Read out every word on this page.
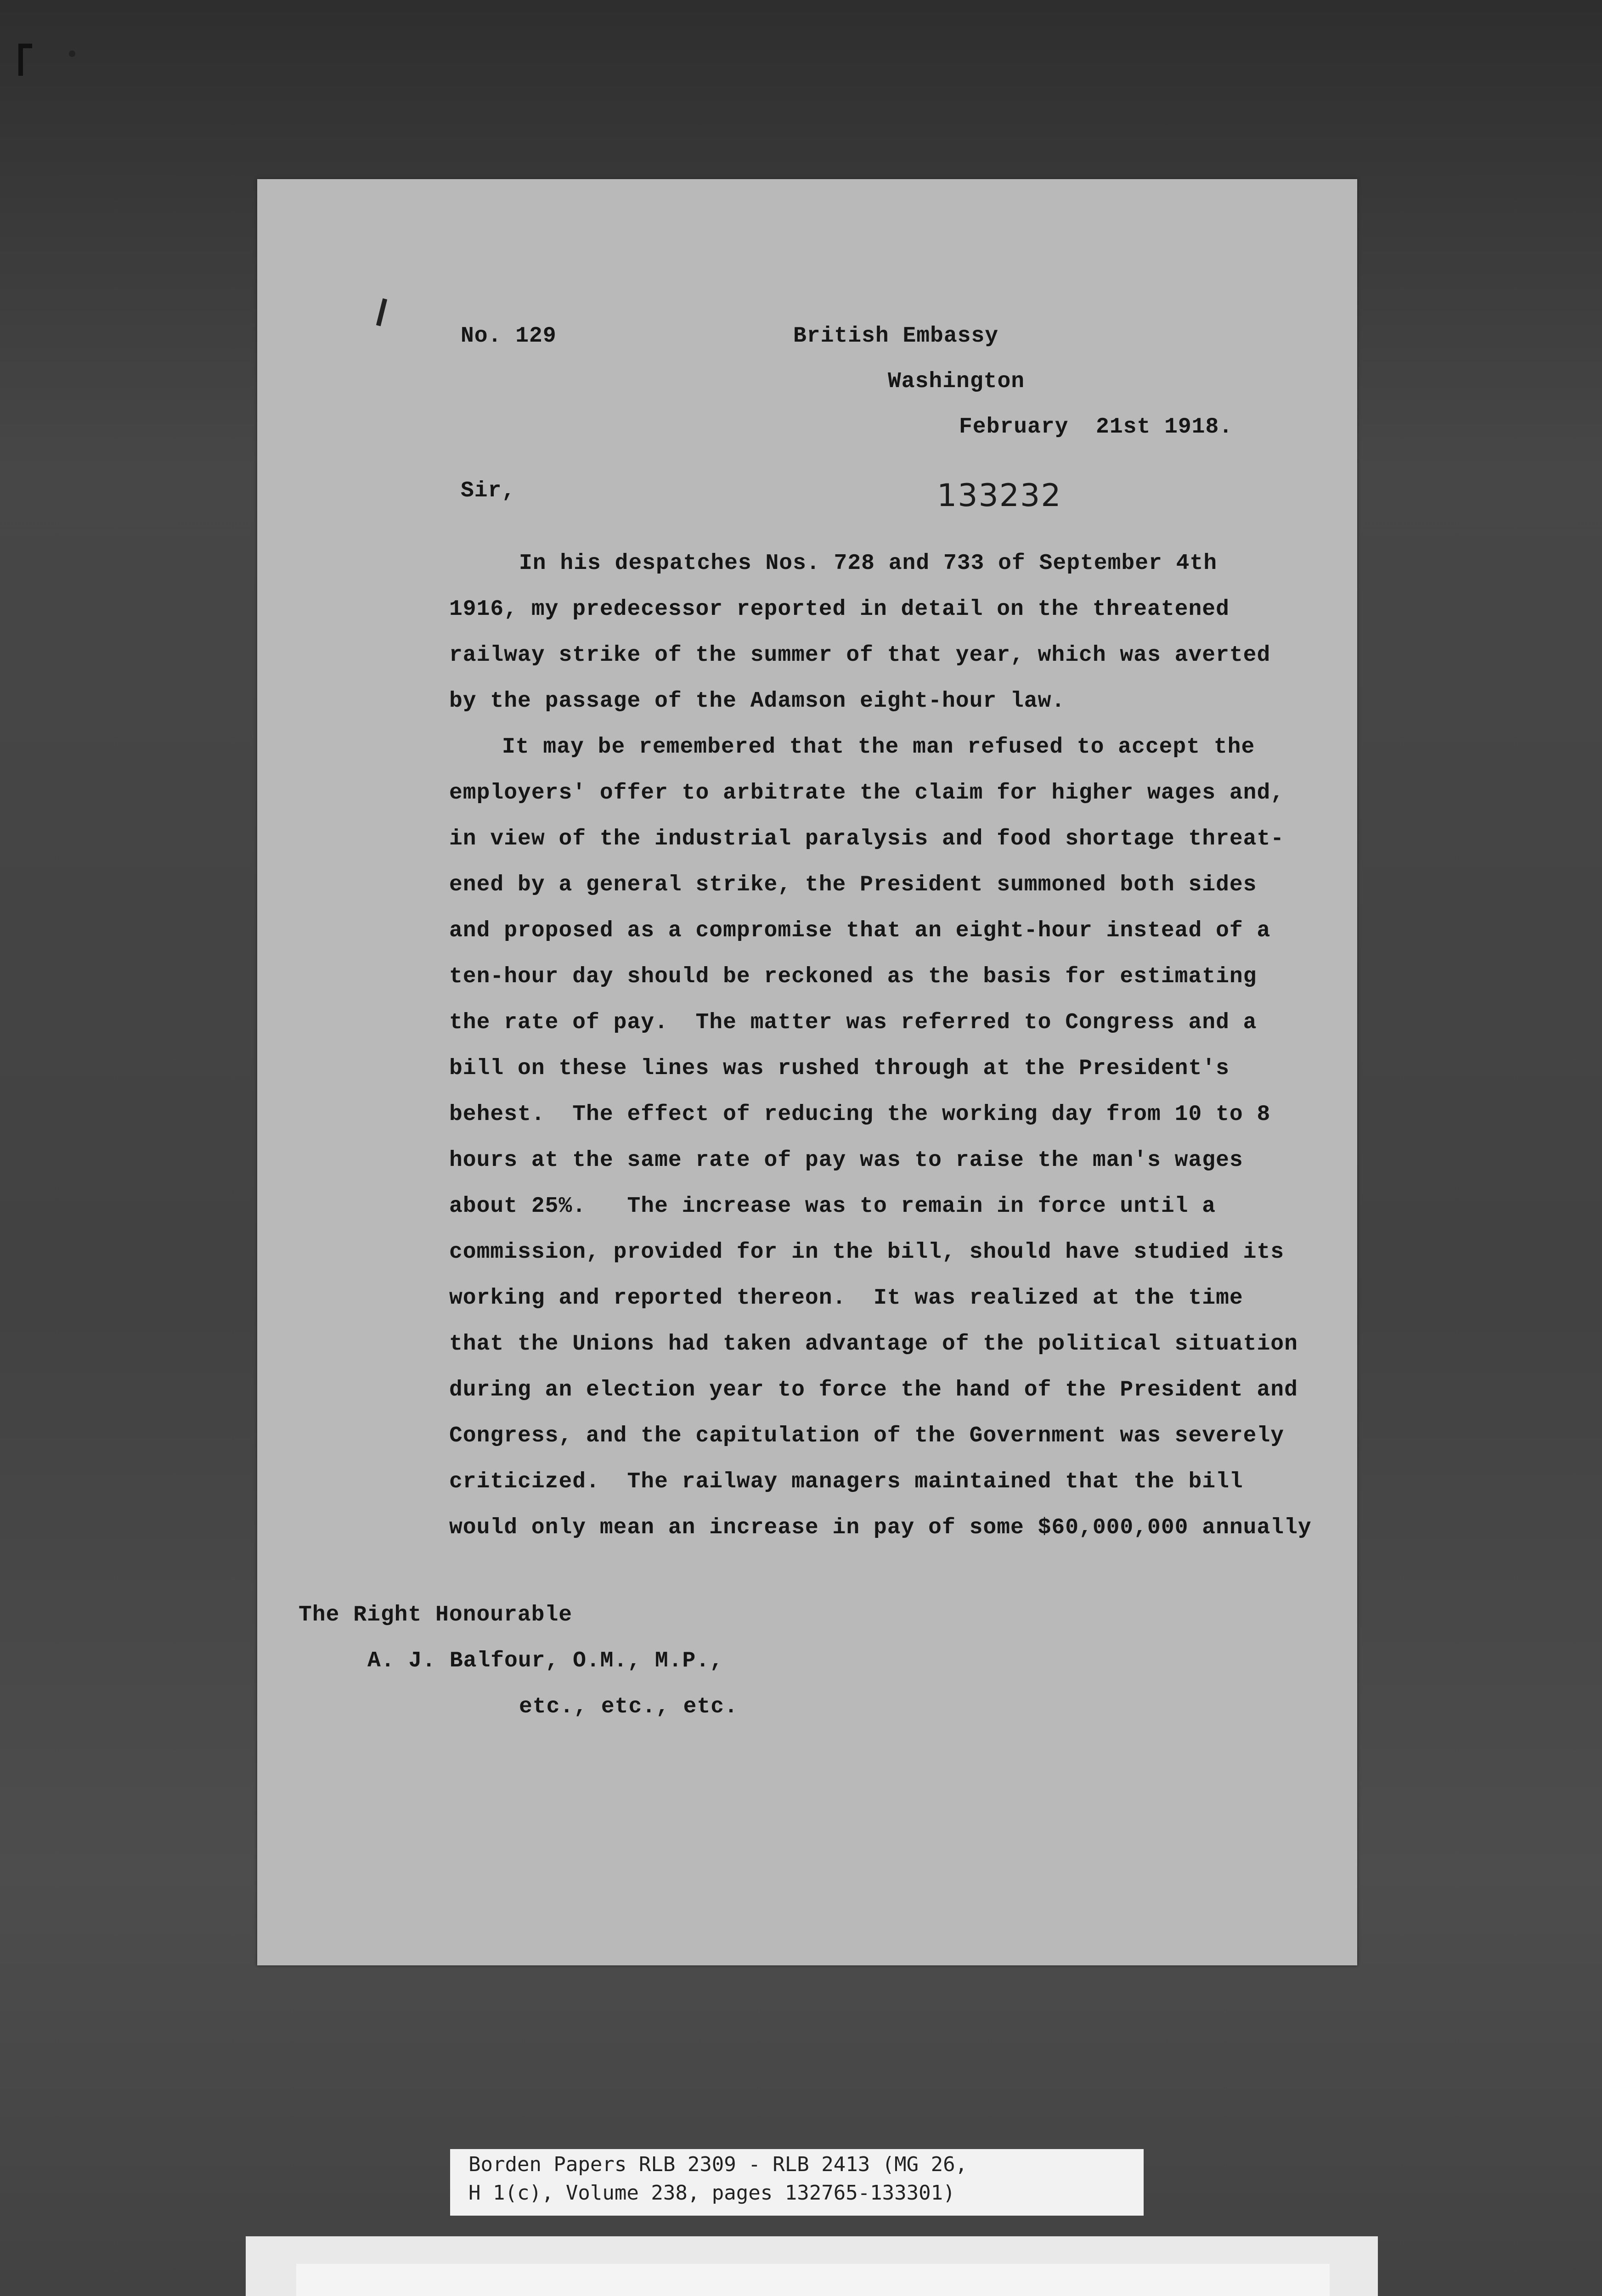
No. 129	British Embassy
Washington
February  21st 1918.
Sir,	133232
In his despatches Nos. 728 and 733 of September 4th
1916, my predecessor reported in detail on the threatened
railway strike of the summer of that year, which was averted
by the passage of the Adamson eight-hour law.
It may be remembered that the man refused to accept the
employers' offer to arbitrate the claim for higher wages and,
in view of the industrial paralysis and food shortage threat-
ened by a general strike, the President summoned both sides
and proposed as a compromise that an eight-hour instead of a
ten-hour day should be reckoned as the basis for estimating
the rate of pay.  The matter was referred to Congress and a
bill on these lines was rushed through at the President's
behest.  The effect of reducing the working day from 10 to 8
hours at the same rate of pay was to raise the man's wages
about 25%.   The increase was to remain in force until a
commission, provided for in the bill, should have studied its
working and reported thereon.  It was realized at the time
that the Unions had taken advantage of the political situation
during an election year to force the hand of the President and
Congress, and the capitulation of the Government was severely
criticized.  The railway managers maintained that the bill
would only mean an increase in pay of some $60,000,000 annually
The Right Honourable
A. J. Balfour, O.M., M.P.,
etc., etc., etc.
Borden Papers RLB 2309 - RLB 2413 (MG 26,
H 1(c), Volume 238, pages 132765-133301)
